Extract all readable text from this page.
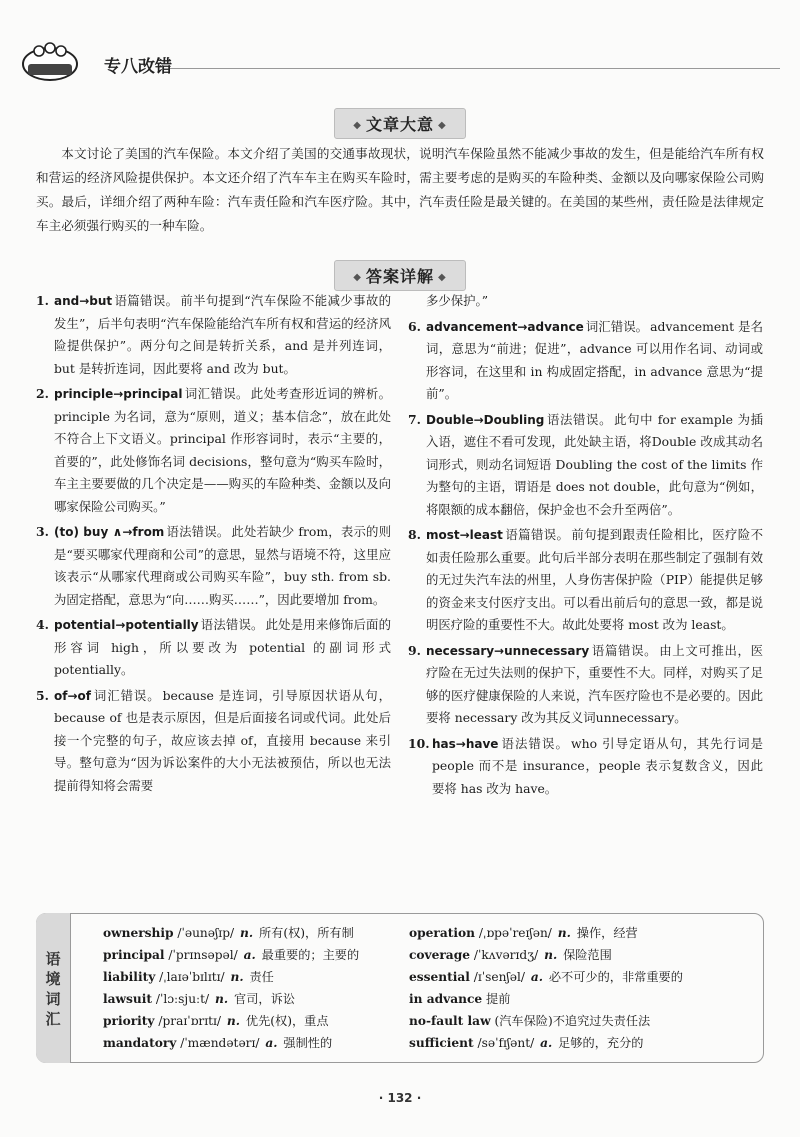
专八改错
◆ 文章大意 ◆

本文讨论了美国的汽车保险。本文介绍了美国的交通事故现状，说明汽车保险虽然不能减少事故的发生，但是能给汽车所有权和营运的经济风险提供保护。本文还介绍了汽车车主在购买车险时，需主要考虑的是购买的车险种类、金额以及向哪家保险公司购买。最后，详细介绍了两种车险：汽车责任险和汽车医疗险。其中，汽车责任险是最关键的。在美国的某些州，责任险是法律规定车主必须强行购买的一种车险。

◆ 答案详解 ◆
1. and→but 语篇错误。 前半句提到“汽车保险不能减少事故的发生”，后半句表明“汽车保险能给汽车所有权和营运的经济风险提供保护”。两分句之间是转折关系，and 是并列连词，but 是转折连词，因此要将 and 改为 but。
2. principle→principal 词汇错误。 此处考查形近词的辨析。principle 为名词，意为“原则，道义；基本信念”，放在此处不符合上下文语义。principal 作形容词时，表示“主要的，首要的”，此处修饰名词 decisions，整句意为“购买车险时，车主主要要做的几个决定是——购买的车险种类、金额以及向哪家保险公司购买。”
3. (to) buy ∧→from 语法错误。 此处若缺少 from，表示的则是“要买哪家代理商和公司”的意思，显然与语境不符，这里应该表示“从哪家代理商或公司购买车险”，buy sth. from sb. 为固定搭配，意思为“向……购买……”，因此要增加 from。
4. potential→potentially 语法错误。 此处是用来修饰后面的形容词 high，所以要改为 potential 的副词形式 potentially。
5. of→of 词汇错误。 because 是连词，引导原因状语从句，because of 也是表示原因，但是后面接名词或代词。此处后接一个完整的句子，故应该去掉 of，直接用 because 来引导。整句意为“因为诉讼案件的大小无法被预估，所以也无法提前得知将会需要
多少保护。”
6. advancement→advance 词汇错误。 advancement 是名词，意思为“前进；促进”，advance 可以用作名词、动词或形容词，在这里和 in 构成固定搭配，in advance 意思为“提前”。
7. Double→Doubling 语法错误。 此句中 for example 为插入语，遮住不看可发现，此处缺主语，将Double 改成其动名词形式，则动名词短语 Doubling the cost of the limits 作为整句的主语，谓语是 does not double，此句意为“例如，将限额的成本翻倍，保护金也不会升至两倍”。
8. most→least 语篇错误。 前句提到跟责任险相比，医疗险不如责任险那么重要。此句后半部分表明在那些制定了强制有效的无过失汽车法的州里，人身伤害保护险（PIP）能提供足够的资金来支付医疗支出。可以看出前后句的意思一致，都是说明医疗险的重要性不大。故此处要将 most 改为 least。
9. necessary→unnecessary 语篇错误。 由上文可推出，医疗险在无过失法则的保护下，重要性不大。同样，对购买了足够的医疗健康保险的人来说，汽车医疗险也不是必要的。因此要将 necessary 改为其反义词unnecessary。
10. has→have 语法错误。 who 引导定语从句，其先行词是 people 而不是 insurance，people 表示复数含义，因此要将 has 改为 have。
语境词汇
ownership /ˈəunəʃɪp/ n. 所有(权)，所有制
principal /ˈprɪnsəpəl/ a. 最重要的；主要的
liability /ˌlaɪəˈbɪlɪtɪ/ n. 责任
lawsuit /ˈlɔːsjuːt/ n. 官司，诉讼
priority /praɪˈɒrɪtɪ/ n. 优先(权)，重点
mandatory /ˈmændətərɪ/ a. 强制性的
operation /ˌɒpəˈreɪʃən/ n. 操作，经营
coverage /ˈkʌvərɪdʒ/ n. 保险范围
essential /ɪˈsenʃəl/ a. 必不可少的，非常重要的
in advance 提前
no-fault law (汽车保险)不追究过失责任法
sufficient /səˈfɪʃənt/ a. 足够的，充分的
· 132 ·
